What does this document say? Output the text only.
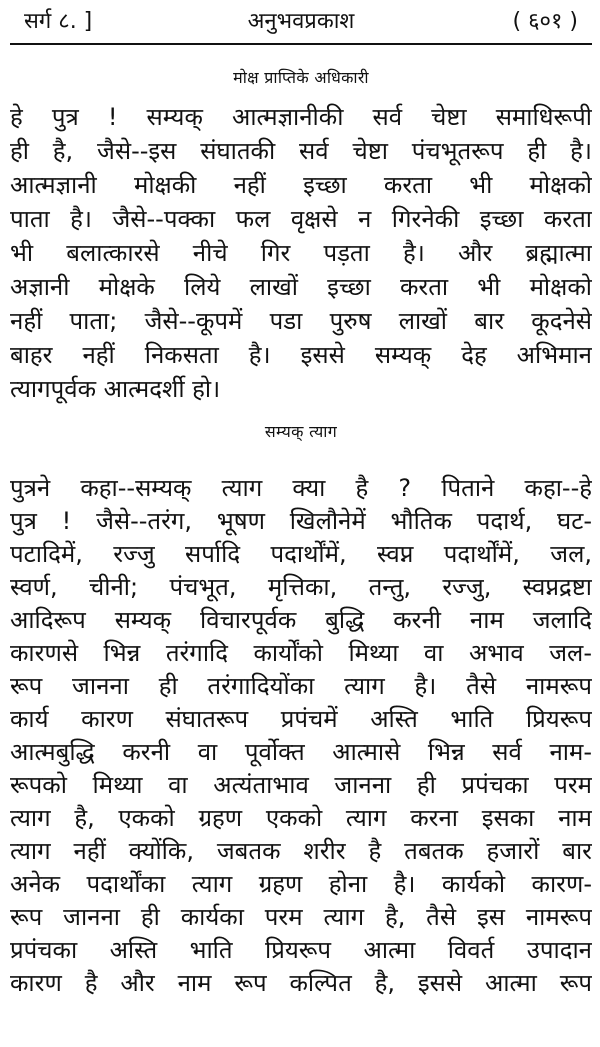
सर्ग ८. ]	अनुभवप्रकाश	( ६०१ )
मोक्ष प्राप्तिके अधिकारी
हे पुत्र ! सम्यक् आत्मज्ञानीकी सर्व चेष्टा समाधिरूपी
ही है, जैसे--इस संघातकी सर्व चेष्टा पंचभूतरूप ही है।
आत्मज्ञानी मोक्षकी नहीं इच्छा करता भी मोक्षको
पाता है। जैसे--पक्का फल वृक्षसे न गिरनेकी इच्छा करता
भी बलात्कारसे नीचे गिर पड़ता है। और ब्रह्मात्मा
अज्ञानी मोक्षके लिये लाखों इच्छा करता भी मोक्षको
नहीं पाता; जैसे--कूपमें पडा पुरुष लाखों बार कूदनेसे
बाहर नहीं निकसता है। इससे सम्यक् देह अभिमान
त्यागपूर्वक आत्मदर्शी हो।
सम्यक् त्याग
पुत्रने कहा--सम्यक् त्याग क्या है ? पिताने कहा--हे
पुत्र ! जैसे--तरंग, भूषण खिलौनेमें भौतिक पदार्थ, घट-
पटादिमें, रज्जु सर्पादि पदार्थोंमें, स्वप्न पदार्थोंमें, जल,
स्वर्ण, चीनी; पंचभूत, मृत्तिका, तन्तु, रज्जु, स्वप्नद्रष्टा
आदिरूप सम्यक् विचारपूर्वक बुद्धि करनी नाम जलादि
कारणसे भिन्न तरंगादि कार्योंको मिथ्या वा अभाव जल-
रूप जानना ही तरंगादियोंका त्याग है। तैसे नामरूप
कार्य कारण संघातरूप प्रपंचमें अस्ति भाति प्रियरूप
आत्मबुद्धि करनी वा पूर्वोक्त आत्मासे भिन्न सर्व नाम-
रूपको मिथ्या वा अत्यंताभाव जानना ही प्रपंचका परम
त्याग है, एकको ग्रहण एकको त्याग करना इसका नाम
त्याग नहीं क्योंकि, जबतक शरीर है तबतक हजारों बार
अनेक पदार्थोंका त्याग ग्रहण होना है। कार्यको कारण-
रूप जानना ही कार्यका परम त्याग है, तैसे इस नामरूप
प्रपंचका अस्ति भाति प्रियरूप आत्मा विवर्त उपादान
कारण है और नाम रूप कल्पित है, इससे आत्मा रूप
